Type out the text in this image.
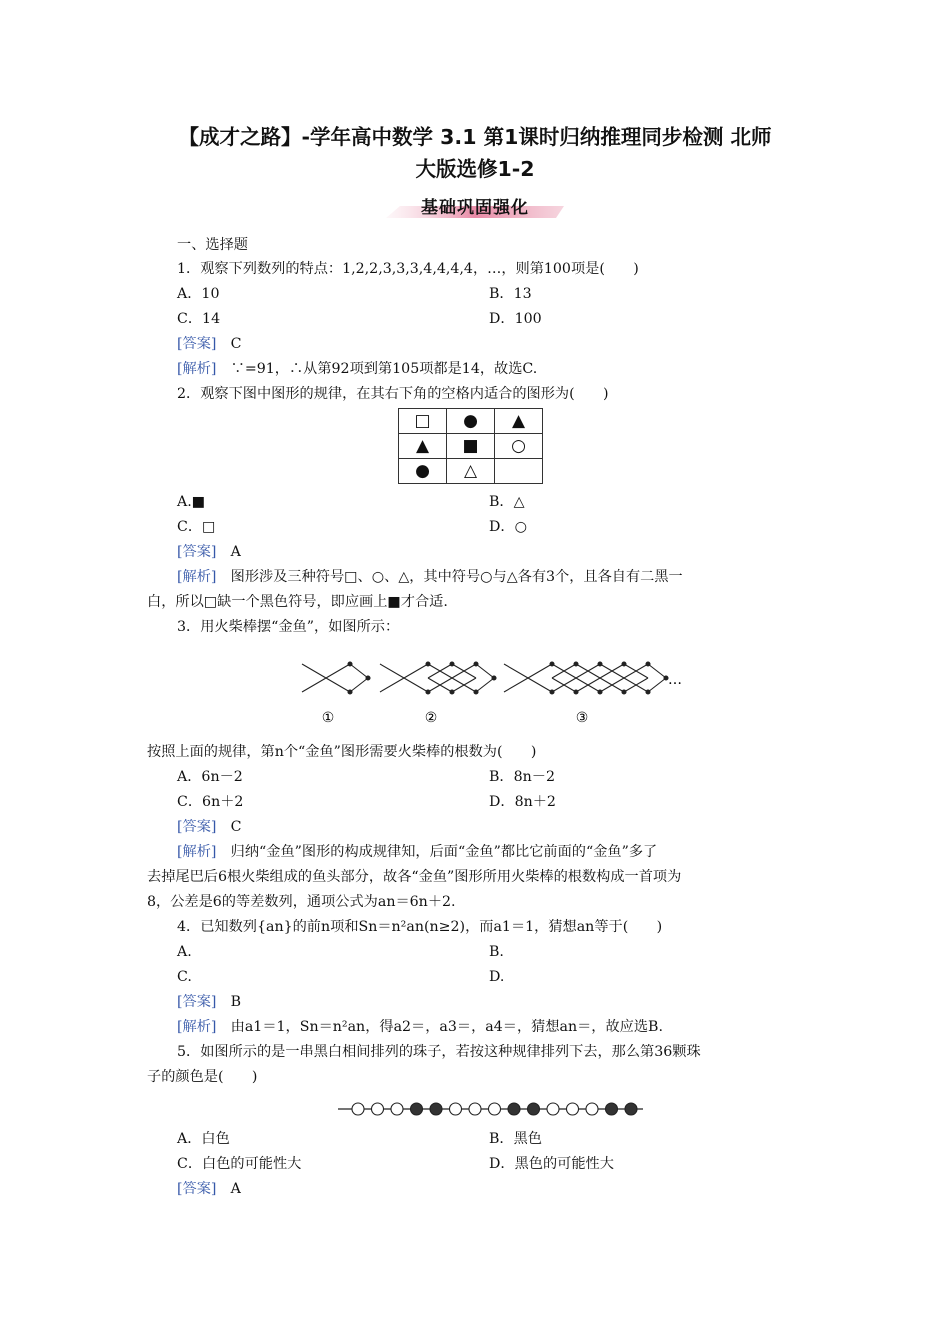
【成才之路】-学年高中数学 3.1 第1课时归纳推理同步检测 北师
大版选修1-2
基础巩固强化
一、选择题
1．观察下列数列的特点：1,2,2,3,3,3,4,4,4,4，…，则第100项是(　　)
A．10	B．13
C．14	D．100
[答案]　 C
[解析]　 ∵=91，∴从第92项到第105项都是14，故选C.
2．观察下图中图形的规律，在其右下角的空格内适合的图形为(　　)
□	●	▲
▲	■	○
●	△	
A.■	B．△
C．□	D．○
[答案]　 A
[解析]　 图形涉及三种符号□、○、△，其中符号○与△各有3个，且各自有二黑一
白，所以□缺一个黑色符号，即应画上■才合适.
3．用火柴棒摆“金鱼”，如图所示：
①	②	③
…
按照上面的规律，第n个“金鱼”图形需要火柴棒的根数为(　　)
A．6n－2	B．8n－2
C．6n＋2	D．8n＋2
[答案]　 C
[解析]　 归纳“金鱼”图形的构成规律知，后面“金鱼”都比它前面的“金鱼”多了
去掉尾巴后6根火柴组成的鱼头部分，故各“金鱼”图形所用火柴棒的根数构成一首项为
8，公差是6的等差数列，通项公式为an＝6n＋2.
4．已知数列{an}的前n项和Sn＝n²an(n≥2)，而a1＝1，猜想an等于(　　)
A.	B.
C.	D.
[答案]　 B
[解析]　 由a1＝1，Sn＝n²an，得a2＝，a3＝，a4＝，猜想an＝，故应选B.
5．如图所示的是一串黑白相间排列的珠子，若按这种规律排列下去，那么第36颗珠
子的颜色是(　　)
A．白色	B．黑色
C．白色的可能性大	D．黑色的可能性大
[答案]　 A
